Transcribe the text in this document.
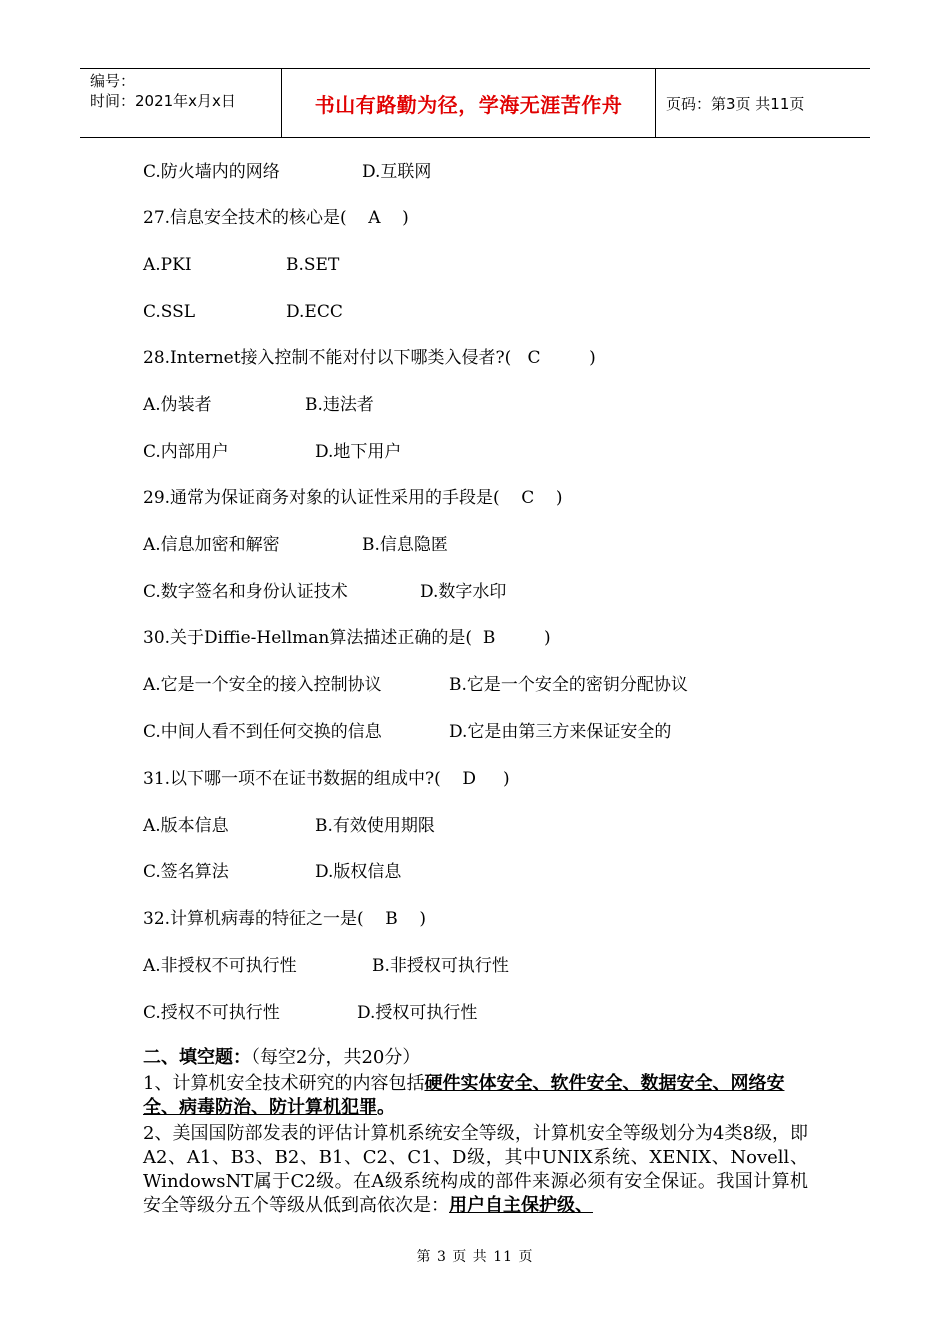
编号：
时间：2021年x月x日	书山有路勤为径，学海无涯苦作舟	页码：第3页 共11页
C.防火墙内的网络	D.互联网
27.信息安全技术的核心是(    A    )
A.PKI	B.SET
C.SSL	D.ECC
28.Internet接入控制不能对付以下哪类入侵者?(   C         )
A.伪装者	B.违法者
C.内部用户	D.地下用户
29.通常为保证商务对象的认证性采用的手段是(    C    )
A.信息加密和解密	B.信息隐匿
C.数字签名和身份认证技术	D.数字水印
30.关于Diffie-Hellman算法描述正确的是(  B         )
A.它是一个安全的接入控制协议	B.它是一个安全的密钥分配协议
C.中间人看不到任何交换的信息	D.它是由第三方来保证安全的
31.以下哪一项不在证书数据的组成中?(    D     )
A.版本信息	B.有效使用期限
C.签名算法	D.版权信息
32.计算机病毒的特征之一是(    B    )
A.非授权不可执行性	B.非授权可执行性
C.授权不可执行性	D.授权可执行性
二、填空题：（每空2分，共20分）
1、计算机安全技术研究的内容包括硬件实体安全、软件安全、数据安全、网络安全、病毒防治、防计算机犯罪。
2、美国国防部发表的评估计算机系统安全等级，计算机安全等级划分为4类8级，即A2、A1、B3、B2、B1、C2、C1、D级，其中UNIX系统、XENIX、Novell、WindowsNT属于C2级。在A级系统构成的部件来源必须有安全保证。我国计算机安全等级分五个等级从低到高依次是：用户自主保护级、
第 3 页 共 11 页
